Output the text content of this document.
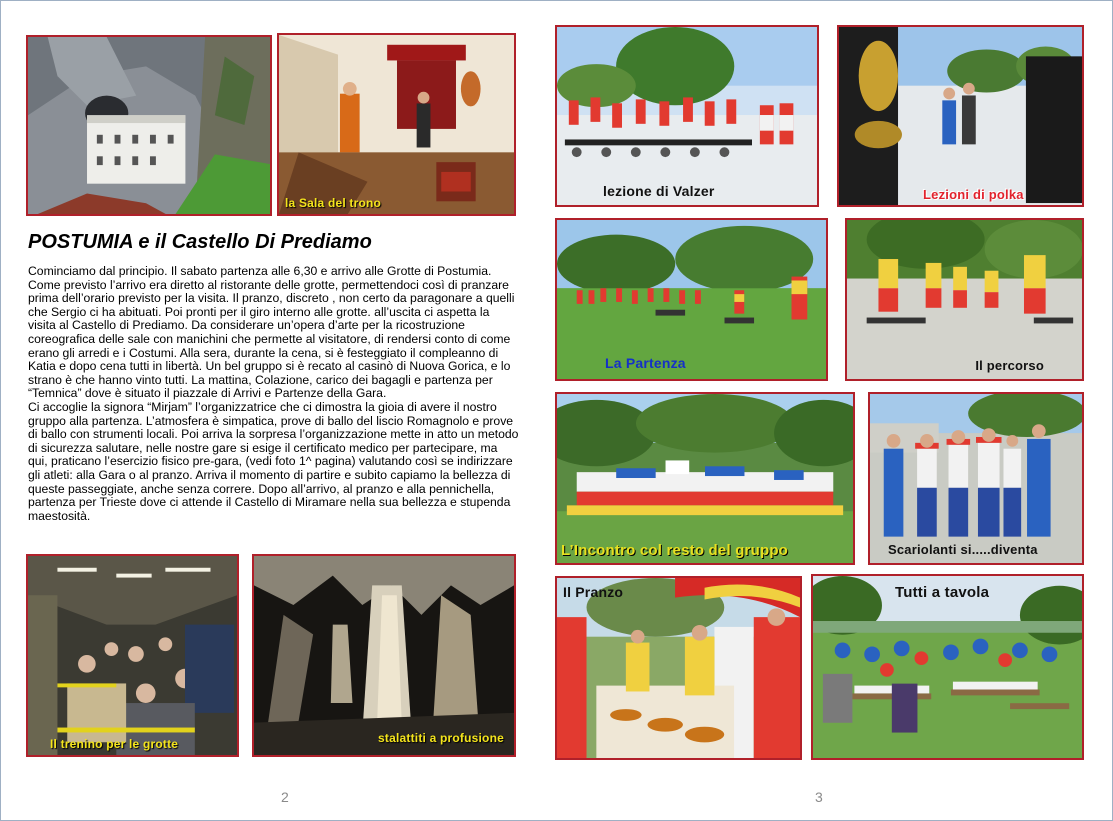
la Sala del trono
POSTUMIA e il Castello Di Prediamo

Cominciamo dal principio. Il sabato partenza alle 6,30 e arrivo alle Grotte di Postumia. Come previsto l’arrivo era diretto al ristorante delle grotte, permettendoci così di pranzare prima dell’orario previsto per la visita. Il pranzo, discreto , non certo da paragonare a quelli che Sergio ci ha abituati. Poi pronti per il giro interno alle grotte. all’uscita ci aspetta la visita al Castello di Prediamo. Da considerare un’opera d’arte per la ricostruzione coreografica delle sale con manichini che permette al visitatore, di rendersi conto di come erano gli arredi e i Costumi. Alla sera, durante la cena, si è festeggiato il compleanno di Katia e dopo cena tutti in libertà. Un bel gruppo si è recato al casinò di Nuova Gorica, e lo strano è che hanno vinto tutti. La mattina, Colazione, carico dei bagagli e partenza per “Temnica” dove è situato il piazzale di Arrivi e Partenze della Gara.

Ci accoglie la signora “Mirjam” l’organizzatrice che ci dimostra la gioia di avere il nostro gruppo alla partenza. L’atmosfera è simpatica, prove di ballo del liscio Romagnolo e prove di ballo con strumenti locali. Poi arriva la sorpresa l’organizzazione mette in atto un metodo di sicurezza salutare, nelle nostre gare si esige il certificato medico per partecipare, ma qui, praticano l’esercizio fisico pre-gara, (vedi foto 1^ pagina) valutando così se indirizzare gli atleti: alla Gara o al pranzo. Arriva il momento di partire e subito capiamo la bellezza di queste passeggiate, anche senza correre. Dopo all’arrivo, al pranzo e alla pennichella, partenza per Trieste dove ci attende il Castello di Miramare nella sua bellezza e stupenda maestosità.

Il trenino per le grotte	stalattiti a profusione
2
lezione di Valzer	Lezioni di polka
La Partenza	Il percorso
L’Incontro col resto del gruppo	Scariolanti si.....diventa
Il Pranzo	Tutti a tavola
3
